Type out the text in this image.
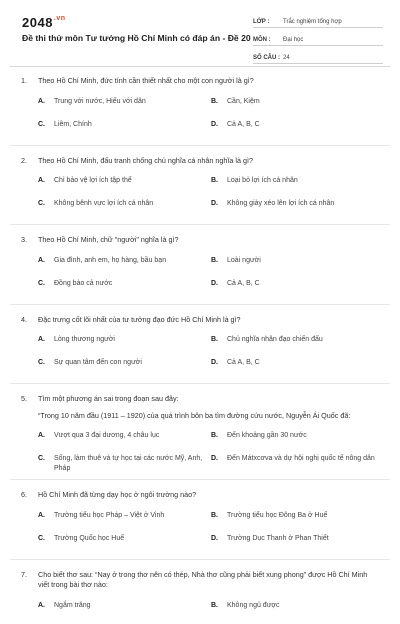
$2048^{.vn}$
Đề thi thử môn Tư tưởng Hồ Chí Minh có đáp án - Đề 20
LỚP :	Trắc nghiệm tổng hợp
MÔN :	Đại học
SỐ CÂU : 24
1. Theo Hồ Chí Minh, đức tính cần thiết nhất cho một con người là gì?
A.	Trung với nước, Hiếu với dân	B.	Cần, Kiệm
C.	Liêm, Chính	D.	Cả A, B, C
2. Theo Hồ Chí Minh, đấu tranh chống chủ nghĩa cá nhân nghĩa là gì?
A.	Chỉ bảo vệ lợi ích tập thể	B.	Loại bỏ lợi ích cá nhân
C.	Không bênh vực lợi ích cá nhân	D.	Không giày xéo lên lợi ích cá nhân
3. Theo Hồ Chí Minh, chữ "người" nghĩa là gì?
A.	Gia đình, anh em, họ hàng, bầu bạn	B.	Loài người
C.	Đồng bào cả nước	D.	Cả A, B, C
4. Đặc trưng cốt lõi nhất của tư tưởng đạo đức Hồ Chí Minh là gì?
A.	Lòng thương người	B.	Chủ nghĩa nhân đạo chiến đấu
C.	Sự quan tâm đến con người	D.	Cả A, B, C
5. Tìm một phương án sai trong đoạn sau đây:
“Trong 10 năm đầu (1911 – 1920) của quá trình bôn ba tìm đường cứu nước, Nguyễn Ái Quốc đã:
A.	Vượt qua 3 đại dương, 4 châu lục	B.	Đến khoảng gần 30 nước
C.	Sống, làm thuê và tự học tại các nước Mỹ, Anh, Pháp
D.	Đến Mátxcơva và dự hội nghị quốc tế nông dân
6. Hồ Chí Minh đã từng dạy học ở ngôi trường nào?
A.	Trường tiểu học Pháp – Việt ở Vinh	B.	Trường tiểu học Đông Ba ở Huế
C.	Trường Quốc học Huế	D.	Trường Dục Thanh ở Phan Thiết
7. Cho biết thơ sau: “Nay ở trong thơ nên có thép, Nhà thơ cũng phải biết xung phong” được Hồ Chí Minh viết trong bài thơ nào:
A.	Ngắm trăng	B.	Không ngủ được
